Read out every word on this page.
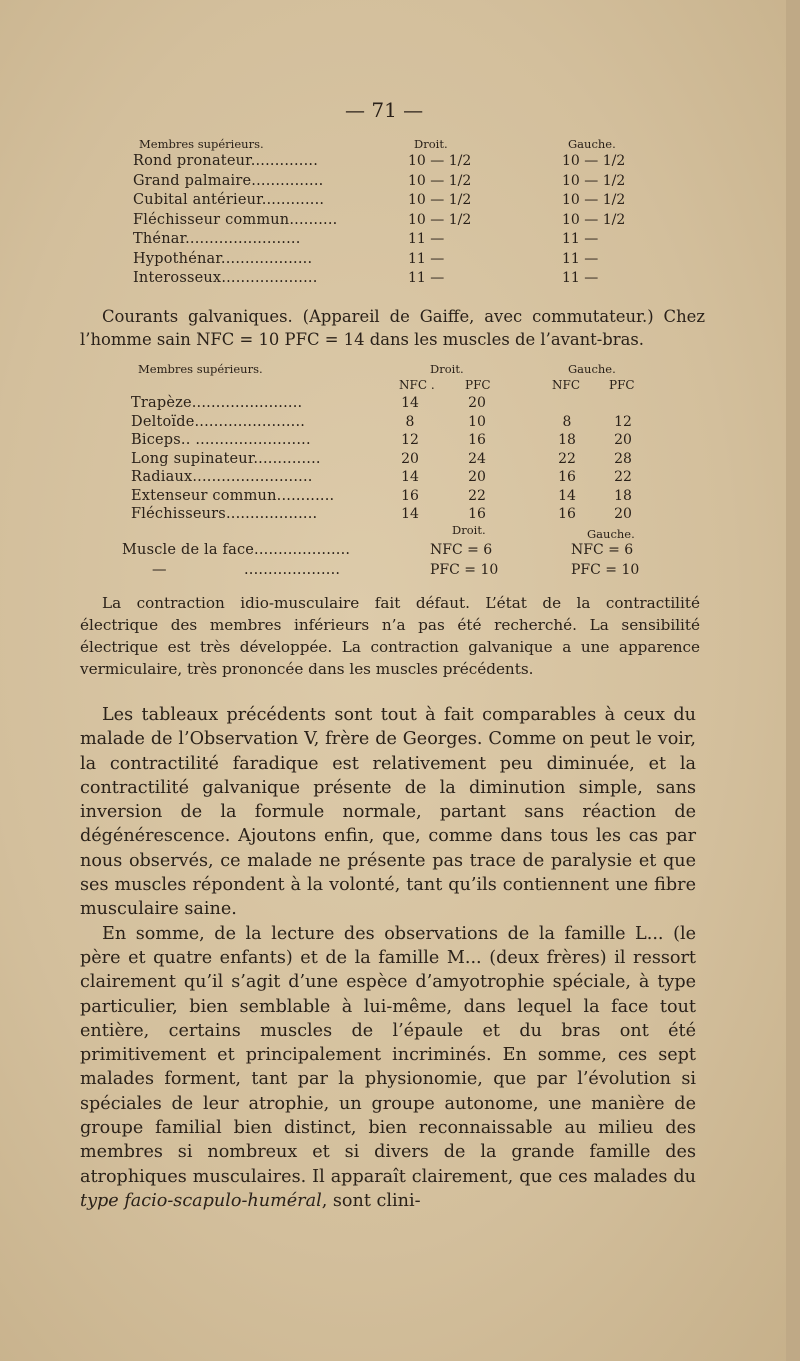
— 71 —
Membres supérieurs.	Droit.	Gauche.
Rond pronateur..............	10 — 1/2	10 — 1/2
Grand palmaire...............	10 — 1/2	10 — 1/2
Cubital antérieur.............	10 — 1/2	10 — 1/2
Fléchisseur commun..........	10 — 1/2	10 — 1/2
Thénar........................	11 —	11 —
Hypothénar...................	11 —	11 —
Interosseux....................	11 —	11 —
Courants galvaniques. (Appareil de Gaiffe, avec commutateur.) Chez l’homme sain NFC = 10 PFC = 14 dans les muscles de l’avant-bras.
Membres supérieurs.	Droit.	Gauche.
NFC .	PFC	NFC PFC
Trapèze.......................	14	20
Deltoïde.......................	8	10	8	12
Biceps.. ........................	12	16	18	20
Long supinateur..............	20	24	22	28
Radiaux.........................	14	20	16	22
Extenseur commun............	16	22	14	18
Fléchisseurs...................	14	16	16	20
Droit.	Gauche.
Muscle de la face....................	NFC = 6	NFC = 6
—	....................	PFC = 10	PFC = 10

La contraction idio-musculaire fait défaut. L’état de la contractilité

électrique des membres inférieurs n’a pas été recherché. La sensibilité

électrique est très développée. La contraction galvanique a une apparence

vermiculaire, très prononcée dans les muscles précédents.

Les tableaux précédents sont tout à fait comparables à ceux du malade de l’Observation V, frère de Georges. Comme on peut le voir, la contractilité faradique est relativement peu diminuée, et la contractilité galvanique présente de la diminution simple, sans inversion de la formule normale, partant sans réaction de dégénérescence. Ajoutons enfin, que, comme dans tous les cas par nous observés, ce malade ne présente pas trace de paralysie et que ses muscles répondent à la volonté, tant qu’ils contiennent une fibre musculaire saine.

En somme, de la lecture des observations de la famille L... (le père et quatre enfants) et de la famille M... (deux frères) il ressort clairement qu’il s’agit d’une espèce d’amyotrophie spéciale, à type particulier, bien semblable à lui-même, dans lequel la face tout entière, certains muscles de l’épaule et du bras ont été primitivement et principalement incriminés. En somme, ces sept malades forment, tant par la physionomie, que par l’évolution si spéciales de leur atrophie, un groupe autonome, une manière de groupe familial bien distinct, bien reconnaissable au milieu des membres si nombreux et si divers de la grande famille des atrophiques musculaires. Il apparaît clairement, que ces malades du type facio-scapulo-huméral, sont clini-
